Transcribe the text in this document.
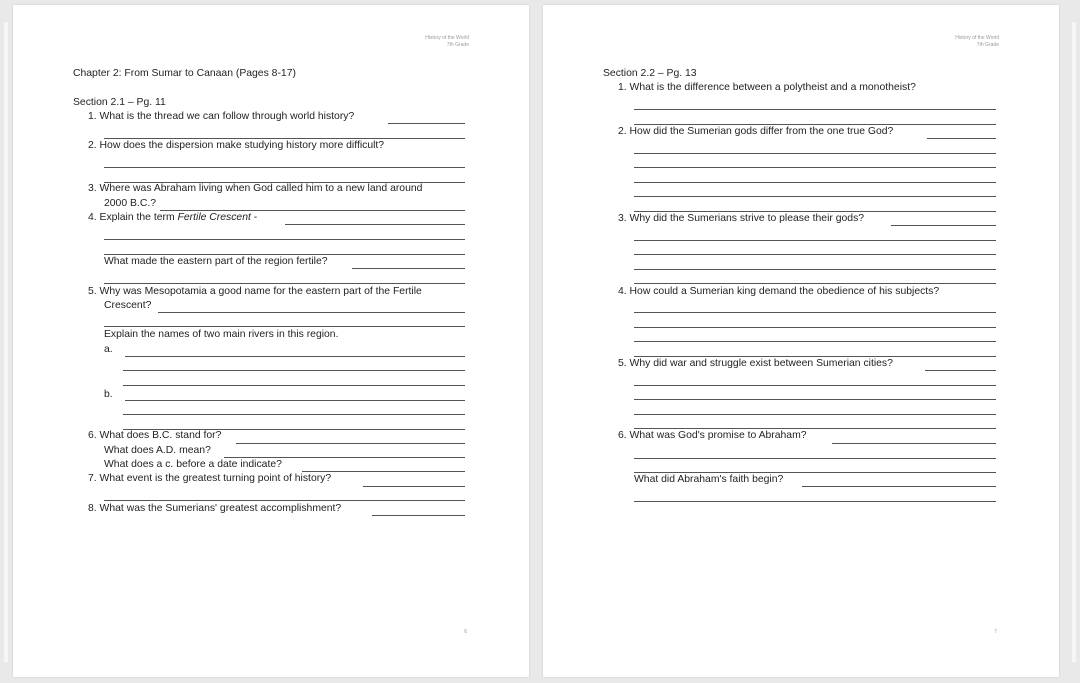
History of the World
7th Grade
Chapter 2: From Sumar to Canaan (Pages 8-17)
Section 2.1 – Pg. 11
1. What is the thread we can follow through world history?
2. How does the dispersion make studying history more difficult?
3. Where was Abraham living when God called him to a new land around
2000 B.C.?
4. Explain the term Fertile Crescent -
What made the eastern part of the region fertile?
5. Why was Mesopotamia a good name for the eastern part of the Fertile
Crescent?
Explain the names of two main rivers in this region.
a.
b.
6. What does B.C. stand for?
What does A.D. mean?
What does a c. before a date indicate?
7. What event is the greatest turning point of history?
8. What was the Sumerians' greatest accomplishment?
6
History of the World
7th Grade
Section 2.2 – Pg. 13
1. What is the difference between a polytheist and a monotheist?
2. How did the Sumerian gods differ from the one true God?
3. Why did the Sumerians strive to please their gods?
4. How could a Sumerian king demand the obedience of his subjects?
5. Why did war and struggle exist between Sumerian cities?
6. What was God's promise to Abraham?
What did Abraham's faith begin?
7
